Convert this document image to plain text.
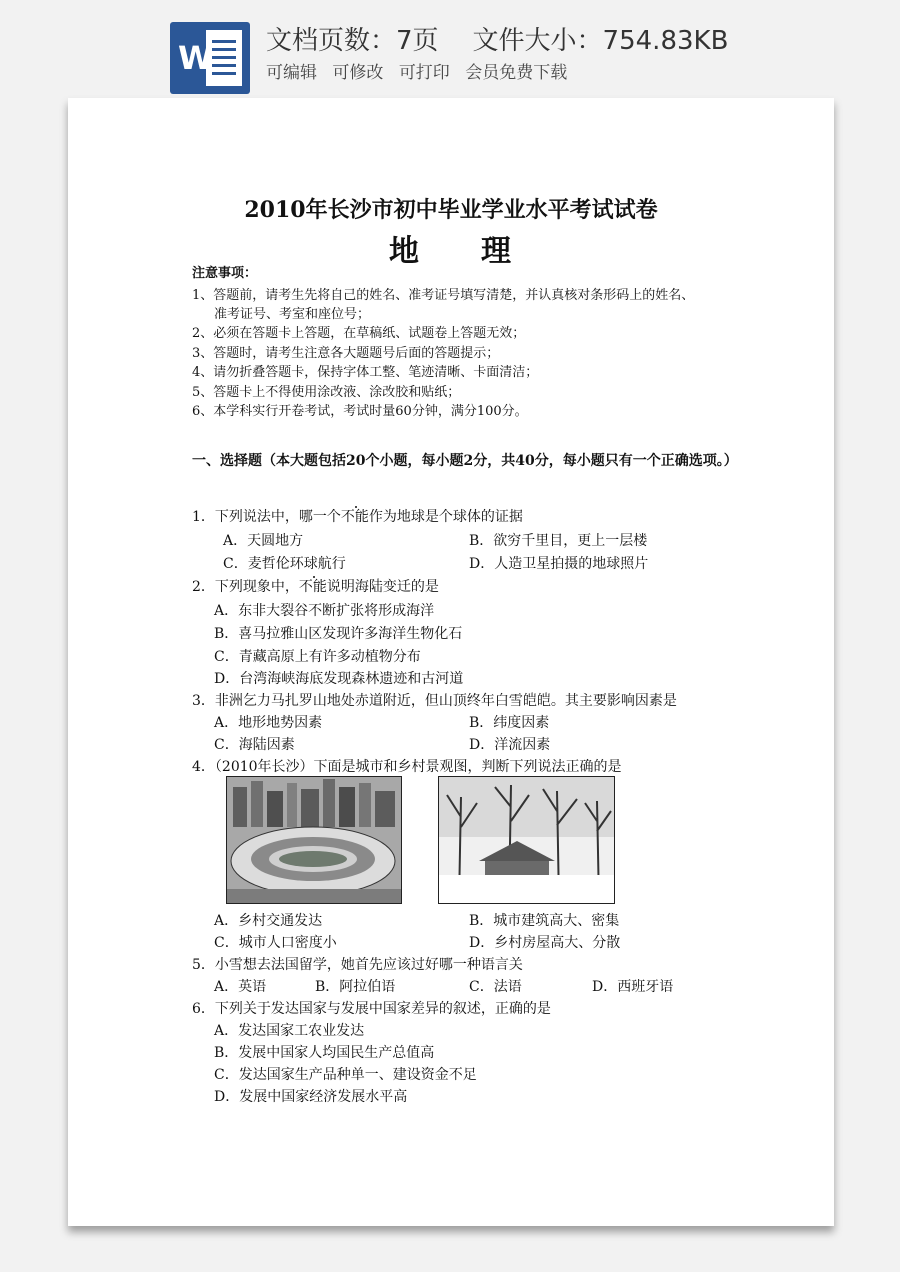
W 文档页数：7页 文件大小：754.83KB
可编辑 可修改 可打印 会员免费下载
2010年长沙市初中毕业学业水平考试试卷
地 理
注意事项：
1、答题前，请考生先将自己的姓名、准考证号填写清楚，并认真核对条形码上的姓名、
准考证号、考室和座位号；
2、必须在答题卡上答题，在草稿纸、试题卷上答题无效；
3、答题时，请考生注意各大题题号后面的答题提示；
4、请勿折叠答题卡，保持字体工整、笔迹清晰、卡面清洁；
5、答题卡上不得使用涂改液、涂改胶和贴纸；
6、本学科实行开卷考试，考试时量60分钟，满分100分。
一、选择题（本大题包括20个小题，每小题2分，共40分，每小题只有一个正确选项。）
1．下列说法中，哪一个不能作为地球是个球体的证据
A．天圆地方	B．欲穷千里目，更上一层楼
C．麦哲伦环球航行	D．人造卫星拍摄的地球照片
2．下列现象中，不能说明海陆变迁的是
A．东非大裂谷不断扩张将形成海洋
B．喜马拉雅山区发现许多海洋生物化石
C．青藏高原上有许多动植物分布
D．台湾海峡海底发现森林遗迹和古河道
3．非洲乞力马扎罗山地处赤道附近，但山顶终年白雪皑皑。其主要影响因素是
A．地形地势因素	B．纬度因素
C．海陆因素	D．洋流因素
4．（2010年长沙）下面是城市和乡村景观图，判断下列说法正确的是
A．乡村交通发达	B．城市建筑高大、密集
C．城市人口密度小	D．乡村房屋高大、分散
5．小雪想去法国留学，她首先应该过好哪一种语言关
A．英语	B．阿拉伯语	C．法语	D．西班牙语
6．下列关于发达国家与发展中国家差异的叙述，正确的是
A．发达国家工农业发达
B．发展中国家人均国民生产总值高
C．发达国家生产品种单一、建设资金不足
D．发展中国家经济发展水平高
